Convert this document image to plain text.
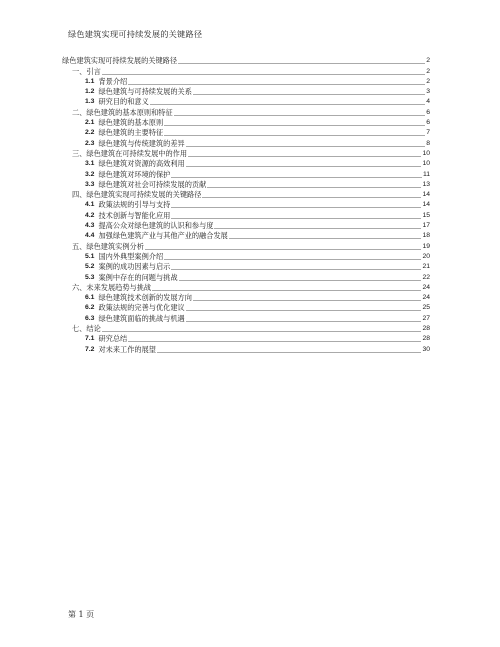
绿色建筑实现可持续发展的关键路径
绿色建筑实现可持续发展的关键路径	2
一、引言	2
1.1 背景介绍	2
1.2 绿色建筑与可持续发展的关系	3
1.3 研究目的和意义	4
二、绿色建筑的基本原则和特征	6
2.1 绿色建筑的基本原则	6
2.2 绿色建筑的主要特征	7
2.3 绿色建筑与传统建筑的差异	8
三、绿色建筑在可持续发展中的作用	10
3.1 绿色建筑对资源的高效利用	10
3.2 绿色建筑对环境的保护	11
3.3 绿色建筑对社会可持续发展的贡献	13
四、绿色建筑实现可持续发展的关键路径	14
4.1 政策法规的引导与支持	14
4.2 技术创新与智能化应用	15
4.3 提高公众对绿色建筑的认识和参与度	17
4.4 加强绿色建筑产业与其他产业的融合发展	18
五、绿色建筑实例分析	19
5.1 国内外典型案例介绍	20
5.2 案例的成功因素与启示	21
5.3 案例中存在的问题与挑战	22
六、未来发展趋势与挑战	24
6.1 绿色建筑技术创新的发展方向	24
6.2 政策法规的完善与优化建议	25
6.3 绿色建筑面临的挑战与机遇	27
七、结论	28
7.1 研究总结	28
7.2 对未来工作的展望	30
第 1 页
